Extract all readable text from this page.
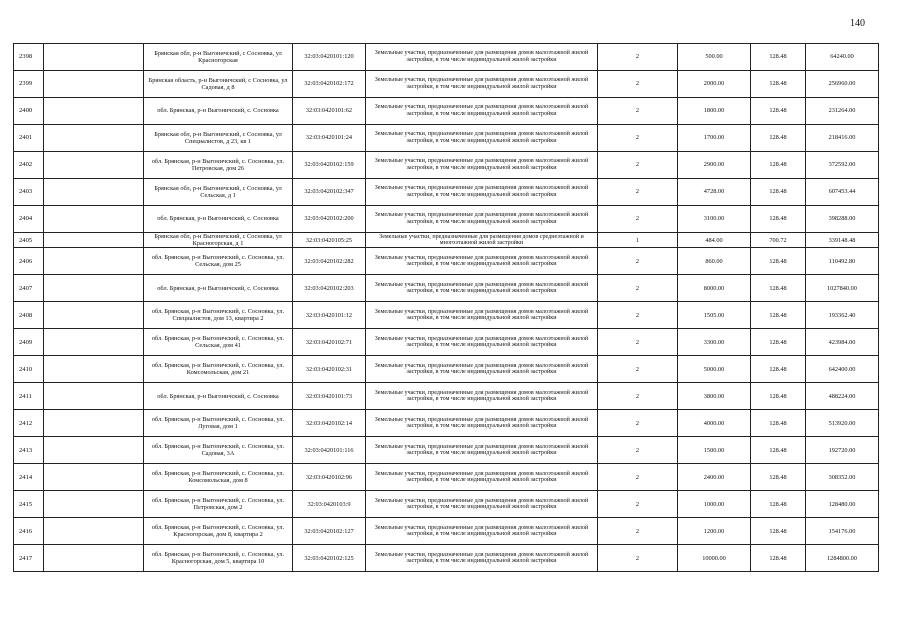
140
2398		Брянская обл, р-н Выгоничский, с Сосновка, ул Красногорская	32:03:0420101:120	Земельные участки, предназначенные для размещения домов малоэтажной жилой застройки, в том числе индивидуальной жилой застройки	2	500.00	128.48	64240.00
2399		Брянская область, р-н Выгоничский, с Сосновка, ул Садовая, д 8	32:03:0420102:172	Земельные участки, предназначенные для размещения домов малоэтажной жилой застройки, в том числе индивидуальной жилой застройки	2	2000.00	128.48	256960.00
2400		обл. Брянская, р-н Выгоничский, с. Сосновка	32:03:0420101:62	Земельные участки, предназначенные для размещения домов малоэтажной жилой застройки, в том числе индивидуальной жилой застройки	2	1800.00	128.48	231264.00
2401		Брянская обл, р-н Выгоничский, с Сосновка, ул Специалистов, д 23, кв 1	32:03:0420101:24	Земельные участки, предназначенные для размещения домов малоэтажной жилой застройки, в том числе индивидуальной жилой застройки	2	1700.00	128.48	218416.00
2402		обл. Брянская, р-н Выгоничский, с. Сосновка, ул. Петровская, дом 26	32:03:0420102:159	Земельные участки, предназначенные для размещения домов малоэтажной жилой застройки, в том числе индивидуальной жилой застройки	2	2900.00	128.48	372592.00
2403		Брянская обл, р-н Выгоничский, с Сосновка, ул Сельская, д 1	32:03:0420102:347	Земельные участки, предназначенные для размещения домов малоэтажной жилой застройки, в том числе индивидуальной жилой застройки	2	4728.00	128.48	607453.44
2404		обл. Брянская, р-н Выгоничский, с. Сосновка	32:03:0420102:200	Земельные участки, предназначенные для размещения домов малоэтажной жилой застройки, в том числе индивидуальной жилой застройки	2	3100.00	128.48	398288.00
2405		Брянская обл, р-н Выгоничский, с Сосновка, ул Красногорская, д 1	32:03:0420105:25	Земельные участки, предназначенные для размещения домов среднеэтажной и многоэтажной жилой застройки	1	484.00	700.72	339148.48
2406		обл. Брянская, р-н Выгоничский, с. Сосновка, ул. Сельская, дом 25	32:03:0420102:282	Земельные участки, предназначенные для размещения домов малоэтажной жилой застройки, в том числе индивидуальной жилой застройки	2	860.00	128.48	110492.80
2407		обл. Брянская, р-н Выгоничский, с. Сосновка	32:03:0420102:203	Земельные участки, предназначенные для размещения домов малоэтажной жилой застройки, в том числе индивидуальной жилой застройки	2	8000.00	128.48	1027840.00
2408		обл. Брянская, р-н Выгоничский, с. Сосновка, ул. Специалистов, дом 13, квартира 2	32:03:0420101:12	Земельные участки, предназначенные для размещения домов малоэтажной жилой застройки, в том числе индивидуальной жилой застройки	2	1505.00	128.48	193362.40
2409		обл. Брянская, р-н Выгоничский, с. Сосновка, ул. Сельская, дом 41	32:03:0420102:71	Земельные участки, предназначенные для размещения домов малоэтажной жилой застройки, в том числе индивидуальной жилой застройки	2	3300.00	128.48	423984.00
2410		обл. Брянская, р-н Выгоничский, с. Сосновка, ул. Комсомольская, дом 21	32:03:0420102:31	Земельные участки, предназначенные для размещения домов малоэтажной жилой застройки, в том числе индивидуальной жилой застройки	2	5000.00	128.48	642400.00
2411		обл. Брянская, р-н Выгоничский, с. Сосновка	32:03:0420101:73	Земельные участки, предназначенные для размещения домов малоэтажной жилой застройки, в том числе индивидуальной жилой застройки	2	3800.00	128.48	488224.00
2412		обл. Брянская, р-н Выгоничский, с. Сосновка, ул. Луговая, дом 1	32:03:0420102:14	Земельные участки, предназначенные для размещения домов малоэтажной жилой застройки, в том числе индивидуальной жилой застройки	2	4000.00	128.48	513920.00
2413		обл. Брянская, р-н Выгоничский, с. Сосновка, ул. Садовая, 3А	32:03:0420101:116	Земельные участки, предназначенные для размещения домов малоэтажной жилой застройки, в том числе индивидуальной жилой застройки	2	1500.00	128.48	192720.00
2414		обл. Брянская, р-н Выгоничский, с. Сосновка, ул. Комсомольская, дом 8	32:03:0420102:96	Земельные участки, предназначенные для размещения домов малоэтажной жилой застройки, в том числе индивидуальной жилой застройки	2	2400.00	128.48	308352.00
2415		обл. Брянская, р-н Выгоничский, с. Сосновка, ул. Петровская, дом 2	32:03:0420103:9	Земельные участки, предназначенные для размещения домов малоэтажной жилой застройки, в том числе индивидуальной жилой застройки	2	1000.00	128.48	128480.00
2416		обл. Брянская, р-н Выгоничский, с. Сосновка, ул. Красногорская, дом 8, квартира 2	32:03:0420102:127	Земельные участки, предназначенные для размещения домов малоэтажной жилой застройки, в том числе индивидуальной жилой застройки	2	1200.00	128.48	154176.00
2417		обл. Брянская, р-н Выгоничский, с. Сосновка, ул. Красногорская, дом 5, квартира 10	32:03:0420102:125	Земельные участки, предназначенные для размещения домов малоэтажной жилой застройки, в том числе индивидуальной жилой застройки	2	10000.00	128.48	1284800.00
